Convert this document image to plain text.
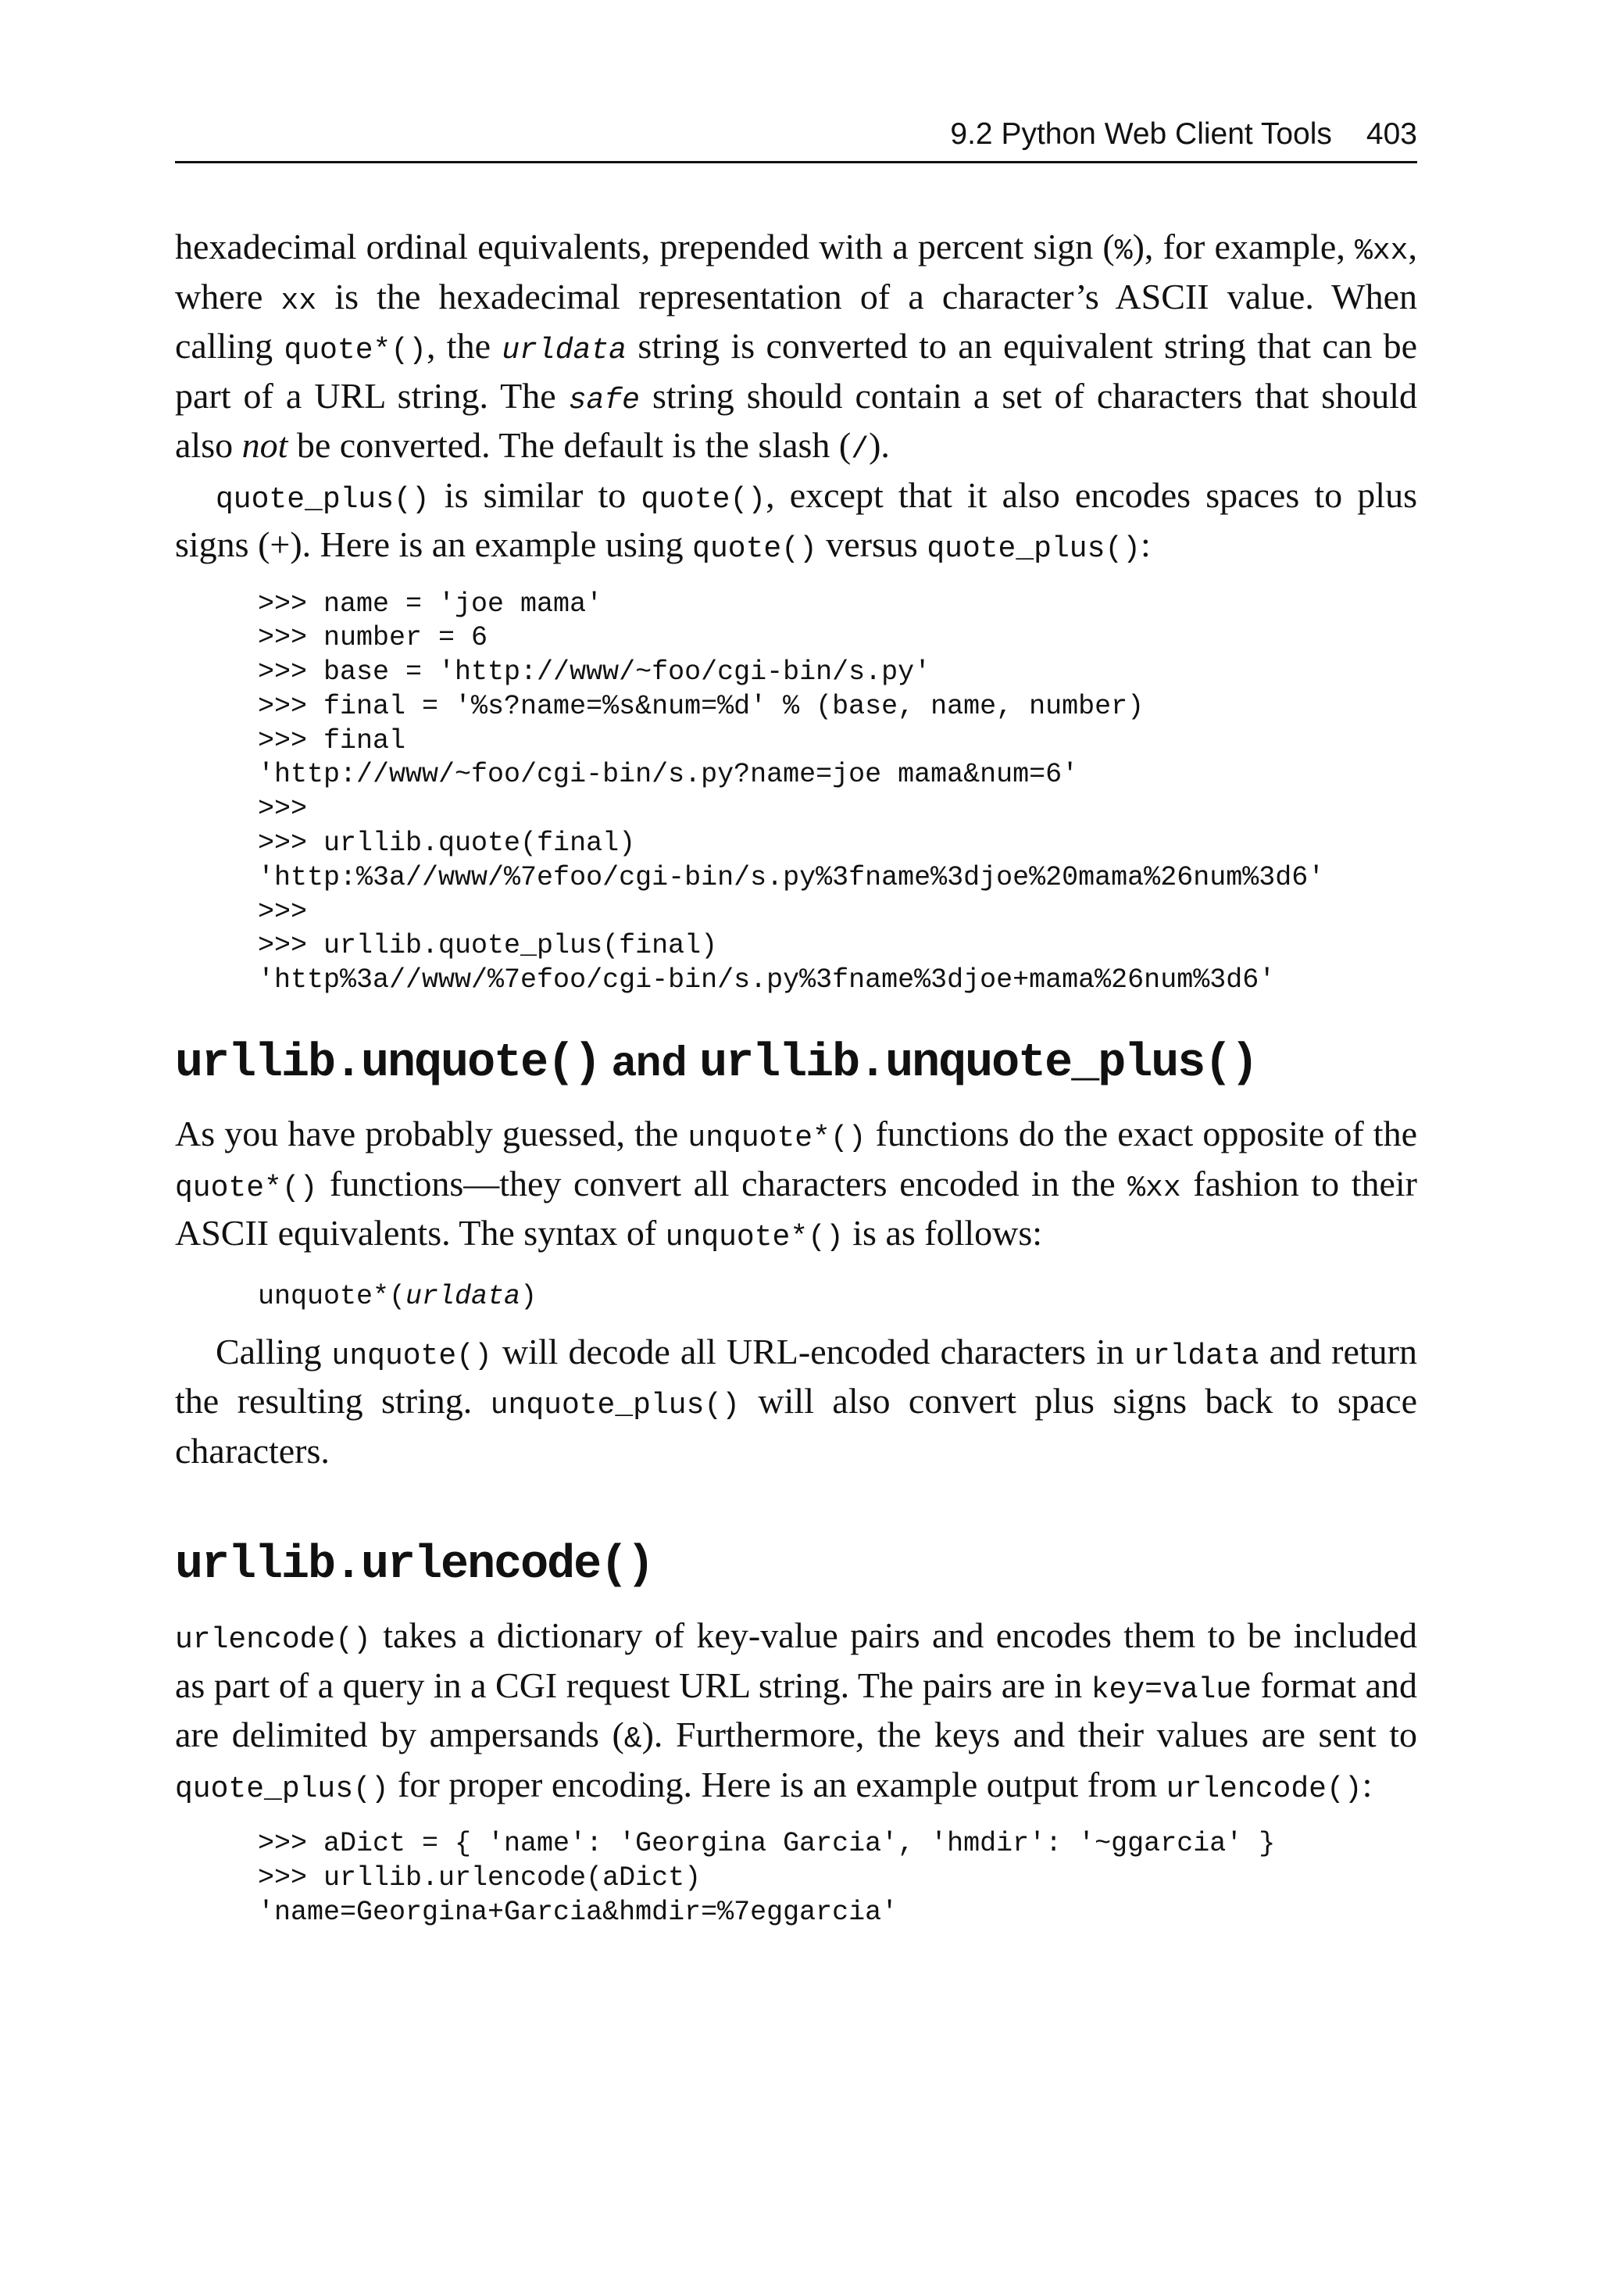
9.2 Python Web Client Tools 403

hexadecimal ordinal equivalents, prepended with a percent sign (%), for example, %xx, where xx is the hexadecimal representation of a character’s ASCII value. When calling quote*(), the urldata string is converted to an equivalent string that can be part of a URL string. The safe string should contain a set of characters that should also not be converted. The default is the slash (/).

quote_plus() is similar to quote(), except that it also encodes spaces to plus signs (+). Here is an example using quote() versus quote_plus():

>>> name = 'joe mama'
>>> number = 6
>>> base = 'http://www/~foo/cgi-bin/s.py'
>>> final = '%s?name=%s&num=%d' % (base, name, number)
>>> final
'http://www/~foo/cgi-bin/s.py?name=joe mama&num=6'
>>>
>>> urllib.quote(final)
'http:%3a//www/%7efoo/cgi-bin/s.py%3fname%3djoe%20mama%26num%3d6'
>>>
>>> urllib.quote_plus(final)
'http%3a//www/%7efoo/cgi-bin/s.py%3fname%3djoe+mama%26num%3d6'
urllib.unquote() and urllib.unquote_plus()

As you have probably guessed, the unquote*() functions do the exact opposite of the quote*() functions—they convert all characters encoded in the %xx fashion to their ASCII equivalents. The syntax of unquote*() is as follows:

unquote*(urldata)

Calling unquote() will decode all URL-encoded characters in urldata and return the resulting string. unquote_plus() will also convert plus signs back to space characters.

urllib.urlencode()

urlencode() takes a dictionary of key-value pairs and encodes them to be included as part of a query in a CGI request URL string. The pairs are in key=value format and are delimited by ampersands (&). Furthermore, the keys and their values are sent to quote_plus() for proper encoding. Here is an example output from urlencode():

>>> aDict = { 'name': 'Georgina Garcia', 'hmdir': '~ggarcia' }
>>> urllib.urlencode(aDict)
'name=Georgina+Garcia&hmdir=%7eggarcia'
